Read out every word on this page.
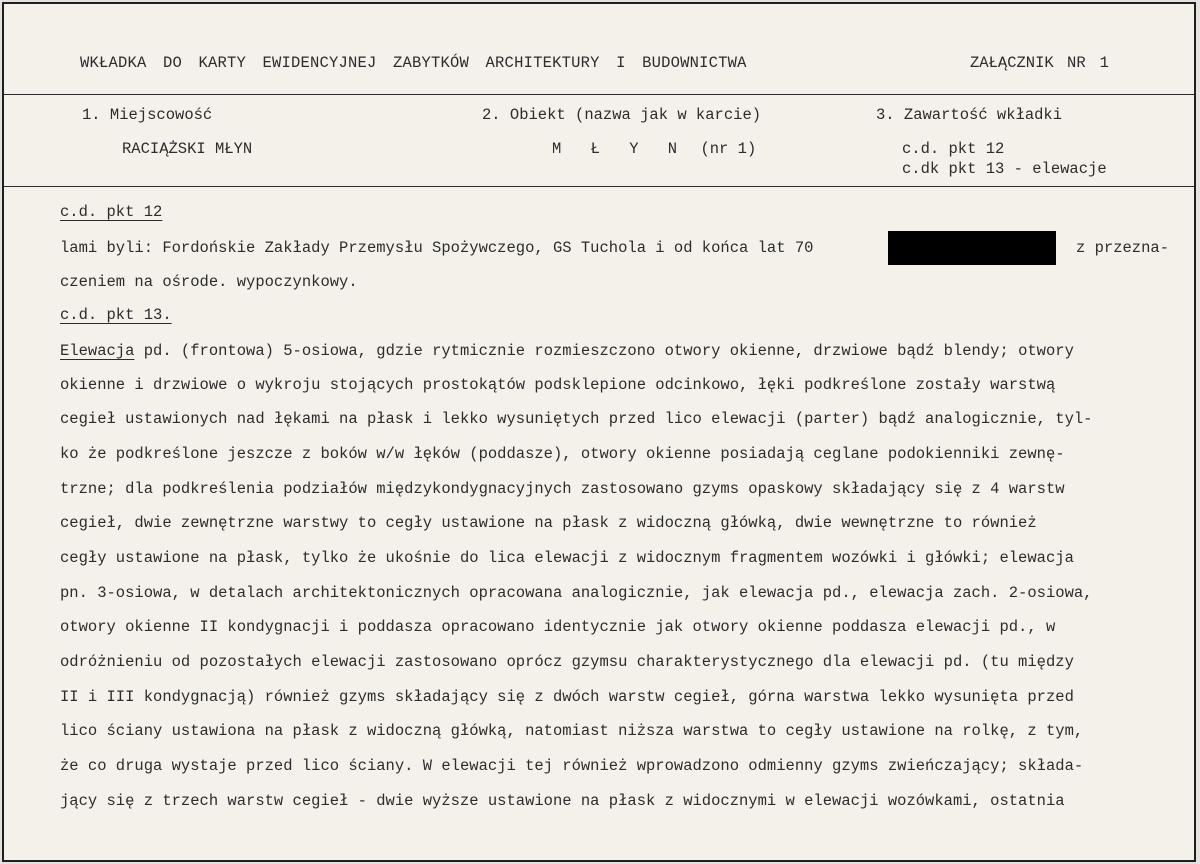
WKŁADKA DO KARTY EWIDENCYJNEJ ZABYTKÓW ARCHITEKTURY I BUDOWNICTWA	ZAŁĄCZNIK NR 1
1. Miejscowość
RACIĄŻSKI MŁYN
2. Obiekt (nazwa jak w karcie)
M Ł Y N (nr 1)
3. Zawartość wkładki
c.d. pkt 12
c.dk pkt 13 - elewacje
c.d. pkt 12
lami byli: Fordońskie Zakłady Przemysłu Spożywczego, GS Tuchola i od końca lat 70	z przezna-
czeniem na ośrode. wypoczynkowy.
c.d. pkt 13.
Elewacja pd. (frontowa) 5-osiowa, gdzie rytmicznie rozmieszczono otwory okienne, drzwiowe bądź blendy; otwory
okienne i drzwiowe o wykroju stojących prostokątów podsklepione odcinkowo, łęki podkreślone zostały warstwą
cegieł ustawionych nad łękami na płask i lekko wysuniętych przed lico elewacji (parter) bądź analogicznie, tyl-
ko że podkreślone jeszcze z boków w/w łęków (poddasze), otwory okienne posiadają ceglane podokienniki zewnę-
trzne; dla podkreślenia podziałów międzykondygnacyjnych zastosowano gzyms opaskowy składający się z 4 warstw
cegieł, dwie zewnętrzne warstwy to cegły ustawione na płask z widoczną główką, dwie wewnętrzne to również
cegły ustawione na płask, tylko że ukośnie do lica elewacji z widocznym fragmentem wozówki i główki; elewacja
pn. 3-osiowa, w detalach architektonicznych opracowana analogicznie, jak elewacja pd., elewacja zach. 2-osiowa,
otwory okienne II kondygnacji i poddasza opracowano identycznie jak otwory okienne poddasza elewacji pd., w
odróżnieniu od pozostałych elewacji zastosowano oprócz gzymsu charakterystycznego dla elewacji pd. (tu między
II i III kondygnacją) również gzyms składający się z dwóch warstw cegieł, górna warstwa lekko wysunięta przed
lico ściany ustawiona na płask z widoczną główką, natomiast niższa warstwa to cegły ustawione na rolkę, z tym,
że co druga wystaje przed lico ściany. W elewacji tej również wprowadzono odmienny gzyms zwieńczający; składa-
jący się z trzech warstw cegieł - dwie wyższe ustawione na płask z widocznymi w elewacji wozówkami, ostatnia
